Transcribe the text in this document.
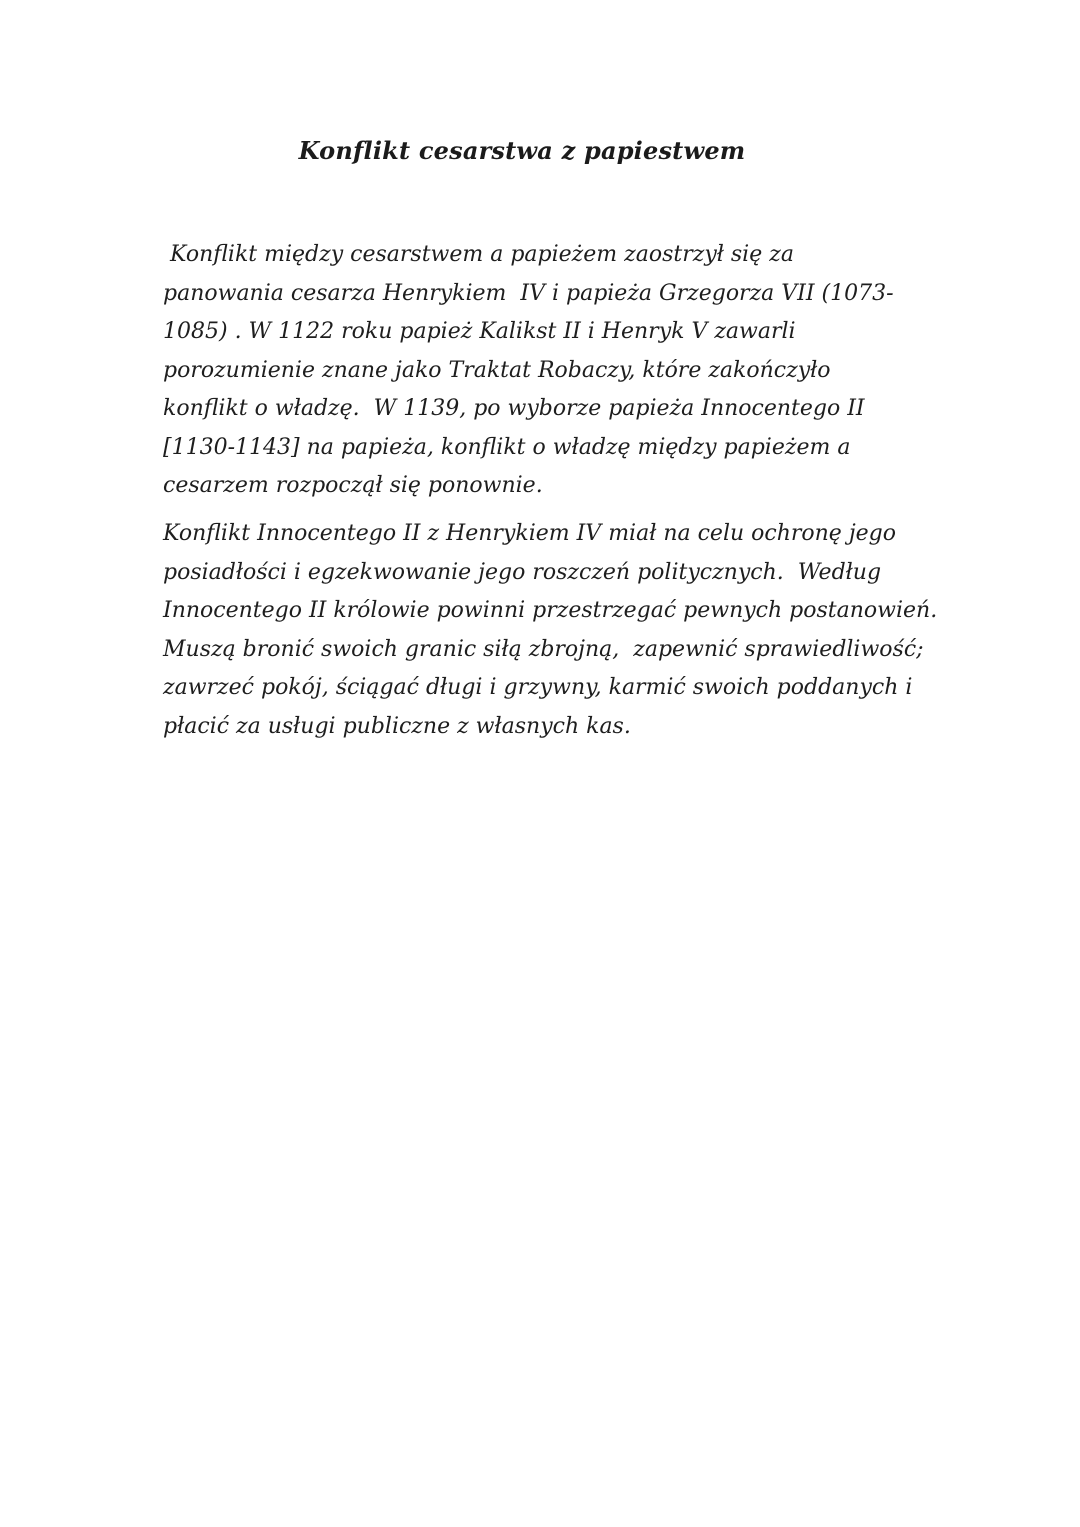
Konflikt cesarstwa z papiestwem
Konflikt między cesarstwem a papieżem zaostrzył się za
panowania cesarza Henrykiem  IV i papieża Grzegorza VII (1073-
1085) . W 1122 roku papież Kalikst II i Henryk V zawarli
porozumienie znane jako Traktat Robaczy, które zakończyło
konflikt o władzę.  W 1139, po wyborze papieża Innocentego II
[1130-1143] na papieża, konflikt o władzę między papieżem a
cesarzem rozpoczął się ponownie.
Konflikt Innocentego II z Henrykiem IV miał na celu ochronę jego
posiadłości i egzekwowanie jego roszczeń politycznych.  Według
Innocentego II królowie powinni przestrzegać pewnych postanowień.
Muszą bronić swoich granic siłą zbrojną,  zapewnić sprawiedliwość;
zawrzeć pokój, ściągać długi i grzywny, karmić swoich poddanych i
płacić za usługi publiczne z własnych kas.
